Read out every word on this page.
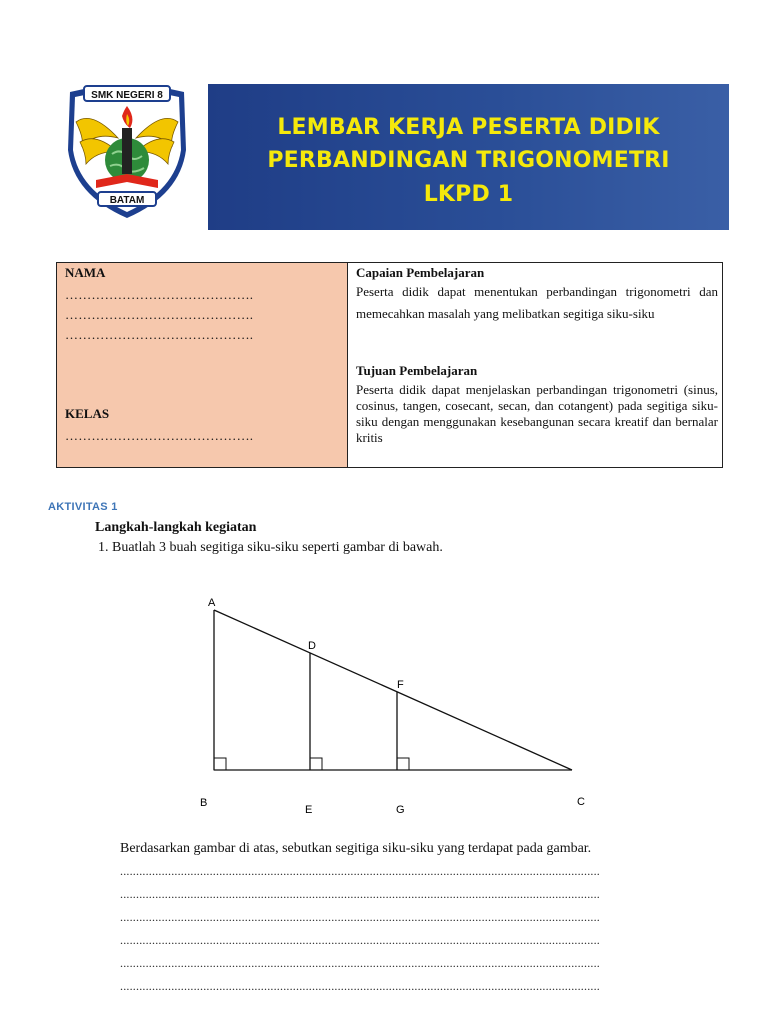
SMK NEGERI 8
BATAM
LEMBAR KERJA PESERTA DIDIK
PERBANDINGAN TRIGONOMETRI
LKPD 1
NAMA
…………………………………….
…………………………………….
…………………………………….
KELAS
…………………………………….
Capaian Pembelajaran
Peserta didik dapat menentukan perbandingan trigonometri dan memecahkan masalah yang melibatkan segitiga siku-siku
Tujuan Pembelajaran
Peserta didik dapat menjelaskan perbandingan trigonometri (sinus, cosinus, tangen, cosecant, secan, dan cotangent) pada segitiga siku-siku dengan menggunakan kesebangunan secara kreatif dan bernalar kritis
AKTIVITAS 1
Langkah-langkah kegiatan
1. Buatlah 3 buah segitiga siku-siku seperti gambar di bawah.
A
D
F
B
E	G
C
Berdasarkan gambar di atas, sebutkan segitiga siku-siku yang terdapat pada gambar.
......................................................................................................................................................
......................................................................................................................................................
......................................................................................................................................................
......................................................................................................................................................
......................................................................................................................................................
......................................................................................................................................................
